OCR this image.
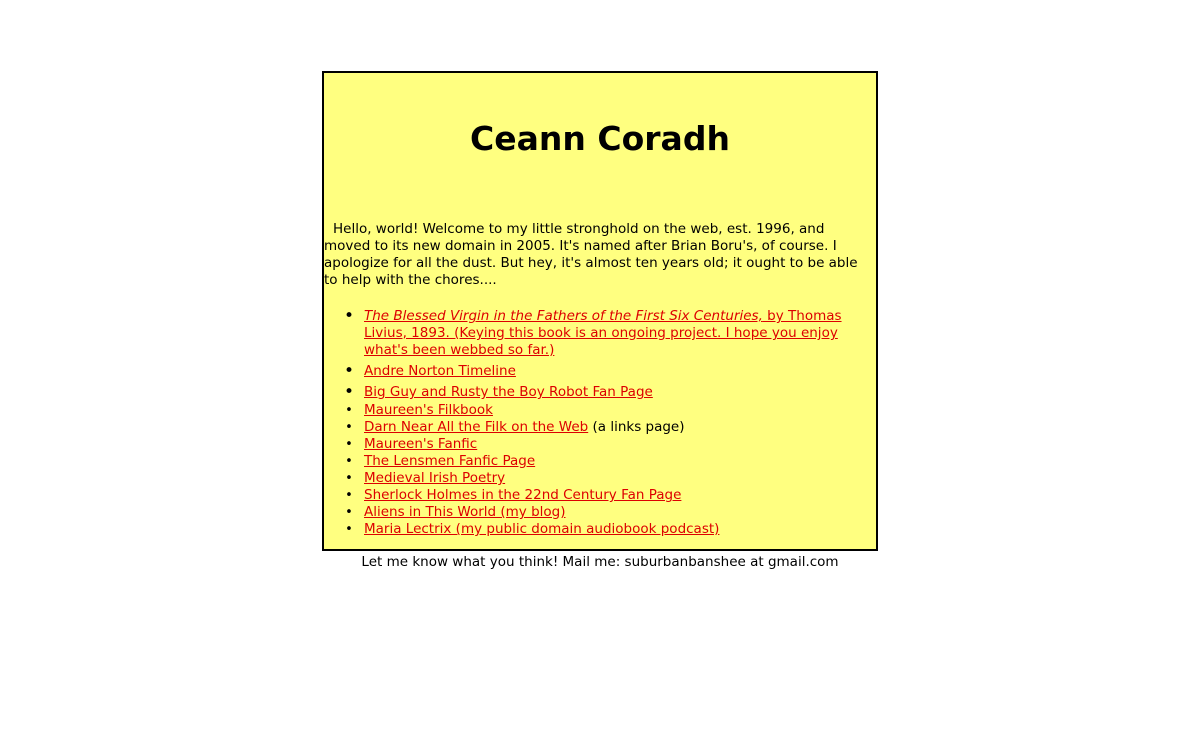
Ceann Coradh

Hello, world! Welcome to my little stronghold on the web, est. 1996, and moved to its new domain in 2005. It's named after Brian Boru's, of course. I apologize for all the dust. But hey, it's almost ten years old; it ought to be able to help with the chores....

• The Blessed Virgin in the Fathers of the First Six Centuries, by Thomas Livius, 1893. (Keying this book is an ongoing project. I hope you enjoy what's been webbed so far.)
• Andre Norton Timeline
• Big Guy and Rusty the Boy Robot Fan Page
• Maureen's Filkbook
• Darn Near All the Filk on the Web (a links page)
• Maureen's Fanfic
• The Lensmen Fanfic Page
• Medieval Irish Poetry
• Sherlock Holmes in the 22nd Century Fan Page
• Aliens in This World (my blog)
• Maria Lectrix (my public domain audiobook podcast)

Let me know what you think! Mail me: suburbanbanshee at gmail.com
